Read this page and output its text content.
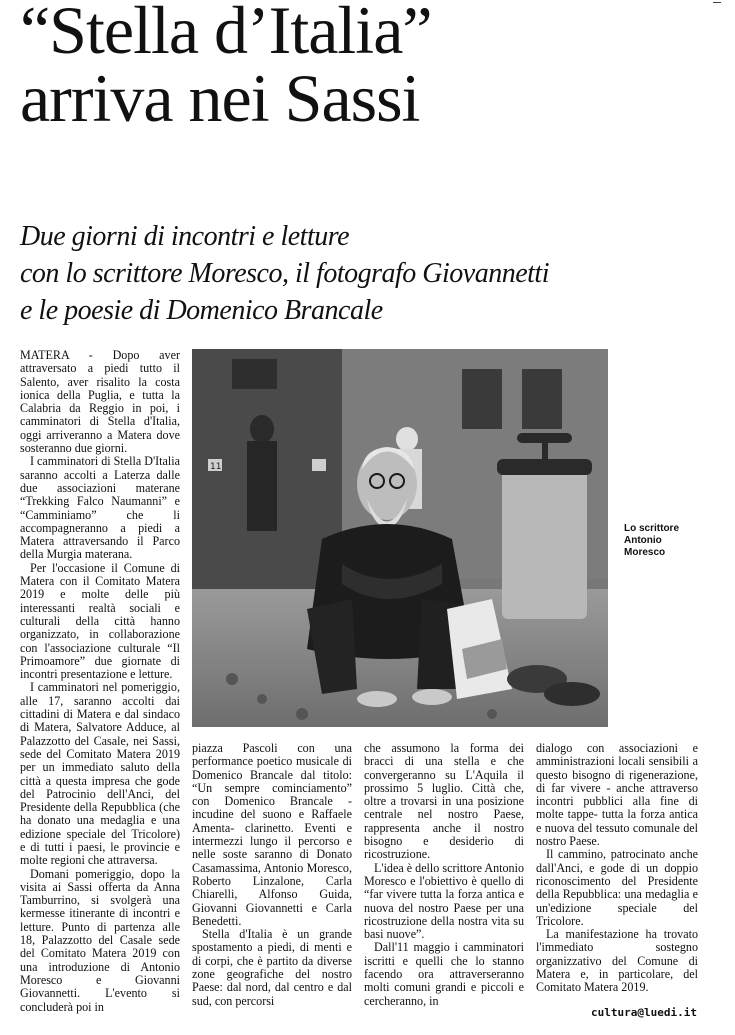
“Stella d’Italia”
arriva nei Sassi
Due giorni di incontri e letture
con lo scrittore Moresco, il fotografo Giovannetti
e le poesie di Domenico Brancale

MATERA - Dopo aver attraversato a piedi tutto il Salento, aver risalito la costa ionica della Puglia, e tutta la Calabria da Reggio in poi, i camminatori di Stella d'Italia, oggi arriveranno a Matera dove sosteranno due giorni.

I camminatori di Stella D'Italia saranno accolti a Laterza dalle due associazioni materane “Trekking Falco Naumanni” e “Camminiamo” che li accompagneranno a piedi a Matera attraversando il Parco della Murgia materana.

Per l'occasione il Comune di Matera con il Comitato Matera 2019 e molte delle più interessanti realtà sociali e culturali della città hanno organizzato, in collaborazione con l'associazione culturale “Il Primoamore” due giornate di incontri presentazione e letture.

I camminatori nel pomeriggio, alle 17, saranno accolti dai cittadini di Matera e dal sindaco di Matera, Salvatore Adduce, al Palazzotto del Casale, nei Sassi, sede del Comitato Matera 2019 per un immediato saluto della città a questa impresa che gode del Patrocinio dell'Anci, del Presidente della Repubblica (che ha donato una medaglia e una edizione speciale del Tricolore) e di tutti i paesi, le provincie e molte regioni che attraversa.

Domani pomeriggio, dopo la visita ai Sassi offerta da Anna Tamburrino, si svolgerà una kermesse itinerante di incontri e letture. Punto di partenza alle 18, Palazzotto del Casale sede del Comitato Matera 2019 con una introduzione di Antonio Moresco e Giovanni Giovannetti. L'evento si concluderà poi in

11
Lo scrittore
Antonio
Moresco

piazza Pascoli con una performance poetico musicale di Domenico Brancale dal titolo: “Un sempre cominciamento” con Domenico Brancale -incudine del suono e Raffaele Amenta- clarinetto. Eventi e intermezzi lungo il percorso e nelle soste saranno di Donato Casamassima, Antonio Moresco, Roberto Linzalone, Carla Chiarelli, Alfonso Guida, Giovanni Giovannetti e Carla Benedetti.

Stella d'Italia è un grande spostamento a piedi, di menti e di corpi, che è partito da diverse zone geografiche del nostro Paese: dal nord, dal centro e dal sud, con percorsi

che assumono la forma dei bracci di una stella e che convergeranno su L'Aquila il prossimo 5 luglio. Città che, oltre a trovarsi in una posizione centrale nel nostro Paese, rappresenta anche il nostro bisogno e desiderio di ricostruzione.

L'idea è dello scrittore Antonio Moresco e l'obiettivo è quello di “far vivere tutta la forza antica e nuova del nostro Paese per una ricostruzione della nostra vita su basi nuove”.

Dall'11 maggio i camminatori iscritti e quelli che lo stanno facendo ora attraverseranno molti comuni grandi e piccoli e cercheranno, in

dialogo con associazioni e amministrazioni locali sensibili a questo bisogno di rigenerazione, di far vivere - anche attraverso incontri pubblici alla fine di molte tappe- tutta la forza antica e nuova del tessuto comunale del nostro Paese.

Il cammino, patrocinato anche dall'Anci, e gode di un doppio riconoscimento del Presidente della Repubblica: una medaglia e un'edizione speciale del Tricolore.

La manifestazione ha trovato l'immediato sostegno organizzativo del Comune di Matera e, in particolare, del Comitato Matera 2019.

cultura@luedi.it
